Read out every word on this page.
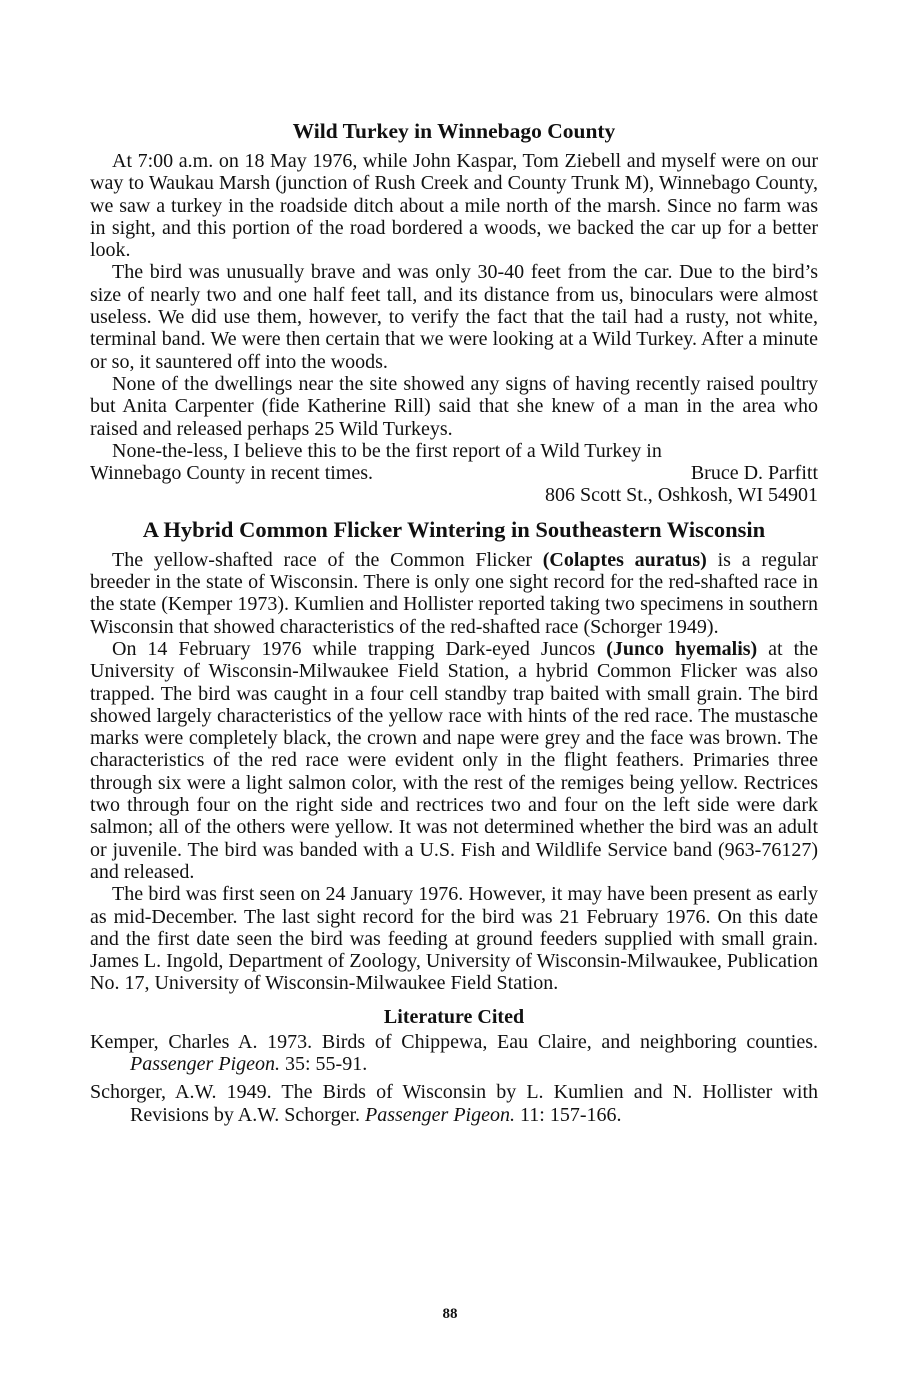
Wild Turkey in Winnebago County

At 7:00 a.m. on 18 May 1976, while John Kaspar, Tom Ziebell and myself were on our way to Waukau Marsh (junction of Rush Creek and County Trunk M), Winnebago County, we saw a turkey in the roadside ditch about a mile north of the marsh. Since no farm was in sight, and this portion of the road bordered a woods, we backed the car up for a better look.

The bird was unusually brave and was only 30-40 feet from the car. Due to the bird’s size of nearly two and one half feet tall, and its distance from us, binoculars were almost useless. We did use them, however, to verify the fact that the tail had a rusty, not white, terminal band. We were then certain that we were looking at a Wild Turkey. After a minute or so, it sauntered off into the woods.

None of the dwellings near the site showed any signs of having recently raised poultry but Anita Carpenter (fide Katherine Rill) said that she knew of a man in the area who raised and released perhaps 25 Wild Turkeys.

None-the-less, I believe this to be the first report of a Wild Turkey in

Winnebago County in recent times.	Bruce D. Parfitt
806 Scott St., Oshkosh, WI 54901
A Hybrid Common Flicker Wintering in Southeastern Wisconsin

The yellow-shafted race of the Common Flicker (Colaptes auratus) is a regular breeder in the state of Wisconsin. There is only one sight record for the red-shafted race in the state (Kemper 1973). Kumlien and Hollister reported taking two specimens in southern Wisconsin that showed characteristics of the red-shafted race (Schorger 1949).

On 14 February 1976 while trapping Dark-eyed Juncos (Junco hyemalis) at the University of Wisconsin-Milwaukee Field Station, a hybrid Common Flicker was also trapped. The bird was caught in a four cell standby trap baited with small grain. The bird showed largely characteristics of the yellow race with hints of the red race. The mustasche marks were completely black, the crown and nape were grey and the face was brown. The characteristics of the red race were evident only in the flight feathers. Primaries three through six were a light salmon color, with the rest of the remiges being yellow. Rectrices two through four on the right side and rectrices two and four on the left side were dark salmon; all of the others were yellow. It was not determined whether the bird was an adult or juvenile. The bird was banded with a U.S. Fish and Wildlife Service band (963-76127) and released.

The bird was first seen on 24 January 1976. However, it may have been present as early as mid-December. The last sight record for the bird was 21 February 1976. On this date and the first date seen the bird was feeding at ground feeders supplied with small grain. James L. Ingold, Department of Zoology, University of Wisconsin-Milwaukee, Publication No. 17, University of Wisconsin-Milwaukee Field Station.

Literature Cited
Kemper, Charles A. 1973. Birds of Chippewa, Eau Claire, and neighboring counties. Passenger Pigeon. 35: 55-91.
Schorger, A.W. 1949. The Birds of Wisconsin by L. Kumlien and N. Hollister with Revisions by A.W. Schorger. Passenger Pigeon. 11: 157-166.
88
